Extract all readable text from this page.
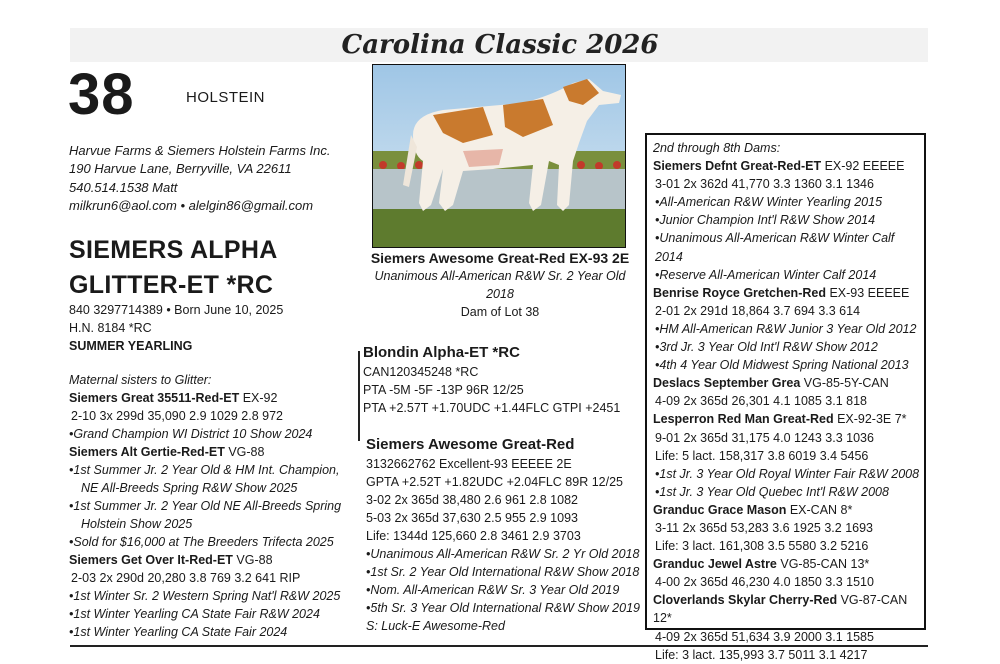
Carolina Classic 2026
38	HOLSTEIN
Harvue Farms & Siemers Holstein Farms Inc.
190 Harvue Lane, Berryville, VA 22611
540.514.1538 Matt
milkrun6@aol.com • alelgin86@gmail.com
SIEMERS ALPHA
GLITTER-ET *RC
840 3297714389 • Born June 10, 2025
H.N. 8184 *RC
SUMMER YEARLING
Maternal sisters to Glitter:
Siemers Great 35511-Red-ET EX-92
2-10 3x 299d 35,090 2.9 1029 2.8 972
•Grand Champion WI District 10 Show 2024
Siemers Alt Gertie-Red-ET VG-88
•1st Summer Jr. 2 Year Old & HM Int. Champion,
NE All-Breeds Spring R&W Show 2025
•1st Summer Jr. 2 Year Old NE All-Breeds Spring
Holstein Show 2025
•Sold for $16,000 at The Breeders Trifecta 2025
Siemers Get Over It-Red-ET VG-88
2-03 2x 290d 20,280 3.8 769 3.2 641 RIP
•1st Winter Sr. 2 Western Spring Nat'l R&W 2025
•1st Winter Yearling CA State Fair R&W 2024
•1st Winter Yearling CA State Fair 2024
Siemers Awesome Great-Red EX-93 2E
Unanimous All-American R&W Sr. 2 Year Old 2018
Dam of Lot 38
Blondin Alpha-ET *RC
CAN120345248 *RC
PTA -5M -5F -13P 96R 12/25
PTA +2.57T +1.70UDC +1.44FLC GTPI +2451
Siemers Awesome Great-Red
3132662762 Excellent-93 EEEEE 2E
GPTA +2.52T +1.82UDC +2.04FLC 89R 12/25
3-02 2x 365d 38,480 2.6 961 2.8 1082
5-03 2x 365d 37,630 2.5 955 2.9 1093
Life: 1344d 125,660 2.8 3461 2.9 3703
•Unanimous All-American R&W Sr. 2 Yr Old 2018
•1st Sr. 2 Year Old International R&W Show 2018
•Nom. All-American R&W Sr. 3 Year Old 2019
•5th Sr. 3 Year Old International R&W Show 2019
S: Luck-E Awesome-Red
2nd through 8th Dams:
Siemers Defnt Great-Red-ET EX-92 EEEEE
3-01 2x 362d 41,770 3.3 1360 3.1 1346
•All-American R&W Winter Yearling 2015
•Junior Champion Int'l R&W Show 2014
•Unanimous All-American R&W Winter Calf 2014
•Reserve All-American Winter Calf 2014
Benrise Royce Gretchen-Red EX-93 EEEEE
2-01 2x 291d 18,864 3.7 694 3.3 614
•HM All-American R&W Junior 3 Year Old 2012
•3rd Jr. 3 Year Old Int'l R&W Show 2012
•4th 4 Year Old Midwest Spring National 2013
Deslacs September Grea VG-85-5Y-CAN
4-09 2x 365d 26,301 4.1 1085 3.1 818
Lesperron Red Man Great-Red EX-92-3E 7*
9-01 2x 365d 31,175 4.0 1243 3.3 1036
Life: 5 lact. 158,317 3.8 6019 3.4 5456
•1st Jr. 3 Year Old Royal Winter Fair R&W 2008
•1st Jr. 3 Year Old Quebec Int'l R&W 2008
Granduc Grace Mason EX-CAN 8*
3-11 2x 365d 53,283 3.6 1925 3.2 1693
Life: 3 lact. 161,308 3.5 5580 3.2 5216
Granduc Jewel Astre VG-85-CAN 13*
4-00 2x 365d 46,230 4.0 1850 3.3 1510
Cloverlands Skylar Cherry-Red VG-87-CAN 12*
4-09 2x 365d 51,634 3.9 2000 3.1 1585
Life: 3 lact. 135,993 3.7 5011 3.1 4217
